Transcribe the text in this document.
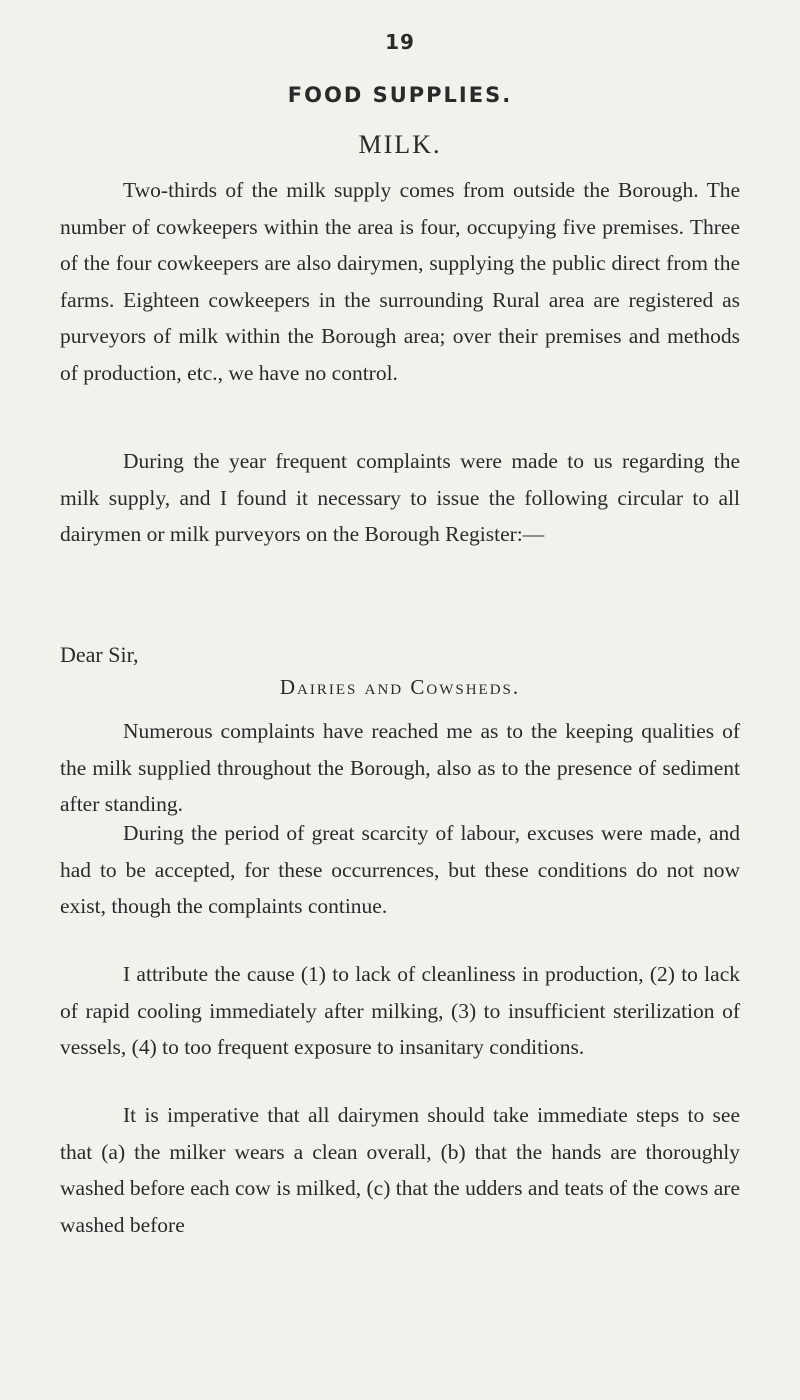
19
FOOD SUPPLIES.
MILK.

Two-thirds of the milk supply comes from outside the Borough. The number of cowkeepers within the area is four, occupying five premises. Three of the four cowkeepers are also dairymen, supplying the public direct from the farms. Eighteen cowkeepers in the surrounding Rural area are registered as purveyors of milk within the Borough area; over their premises and methods of production, etc., we have no control.

During the year frequent complaints were made to us regarding the milk supply, and I found it necessary to issue the following circular to all dairymen or milk purveyors on the Borough Register:—

Dear Sir,
Dairies and Cowsheds.

Numerous complaints have reached me as to the keeping qualities of the milk supplied throughout the Borough, also as to the presence of sediment after standing.

During the period of great scarcity of labour, excuses were made, and had to be accepted, for these occurrences, but these conditions do not now exist, though the complaints continue.

I attribute the cause (1) to lack of cleanliness in production, (2) to lack of rapid cooling immediately after milking, (3) to insufficient sterilization of vessels, (4) to too frequent exposure to insanitary conditions.

It is imperative that all dairymen should take immediate steps to see that (a) the milker wears a clean overall, (b) that the hands are thoroughly washed before each cow is milked, (c) that the udders and teats of the cows are washed before
